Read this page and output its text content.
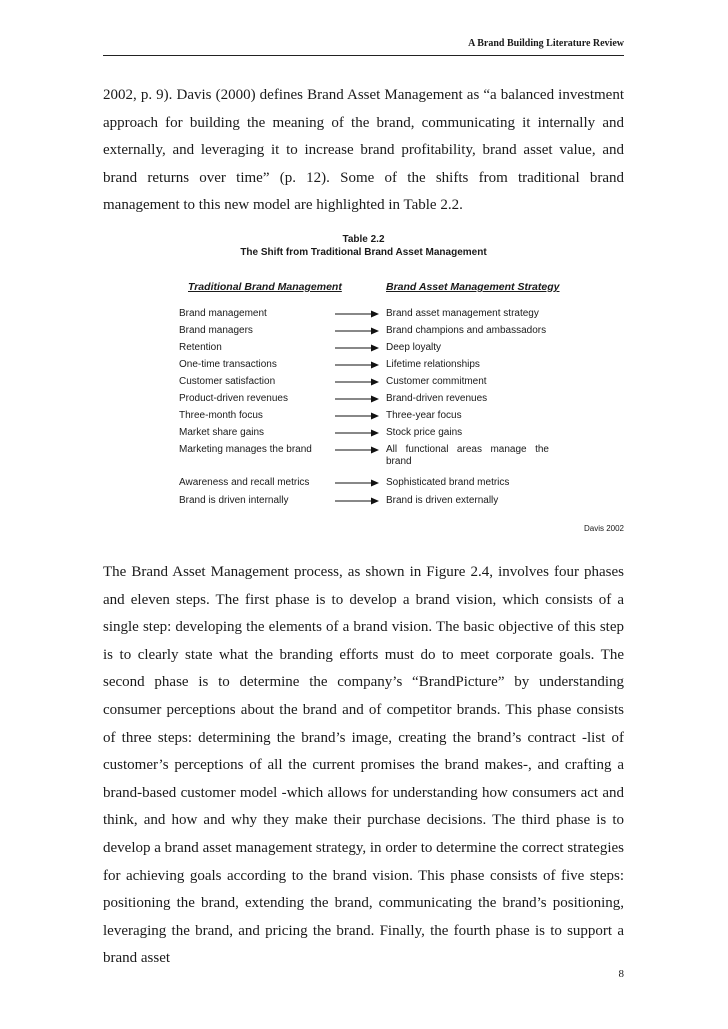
A Brand Building Literature Review

2002, p. 9). Davis (2000) defines Brand Asset Management as “a balanced investment approach for building the meaning of the brand, communicating it internally and externally, and leveraging it to increase brand profitability, brand asset value, and brand returns over time” (p. 12). Some of the shifts from traditional brand management to this new model are highlighted in Table 2.2.

Table 2.2
The Shift from Traditional Brand Asset Management
Traditional Brand Management	Brand Asset Management Strategy
Brand management	Brand asset management strategy
Brand managers	Brand champions and ambassadors
Retention	Deep loyalty
One-time transactions	Lifetime relationships
Customer satisfaction	Customer commitment
Product-driven revenues	Brand-driven revenues
Three-month focus	Three-year focus
Market share gains	Stock price gains
Marketing manages the brand	All functional areas manage the brand
Awareness and recall metrics	Sophisticated brand metrics
Brand is driven internally	Brand is driven externally
Davis 2002

The Brand Asset Management process, as shown in Figure 2.4, involves four phases and eleven steps. The first phase is to develop a brand vision, which consists of a single step: developing the elements of a brand vision. The basic objective of this step is to clearly state what the branding efforts must do to meet corporate goals. The second phase is to determine the company’s “BrandPicture” by understanding consumer perceptions about the brand and of competitor brands. This phase consists of three steps: determining the brand’s image, creating the brand’s contract -list of customer’s perceptions of all the current promises the brand makes-, and crafting a brand-based customer model -which allows for understanding how consumers act and think, and how and why they make their purchase decisions. The third phase is to develop a brand asset management strategy, in order to determine the correct strategies for achieving goals according to the brand vision. This phase consists of five steps: positioning the brand, extending the brand, communicating the brand’s positioning, leveraging the brand, and pricing the brand. Finally, the fourth phase is to support a brand asset

8
